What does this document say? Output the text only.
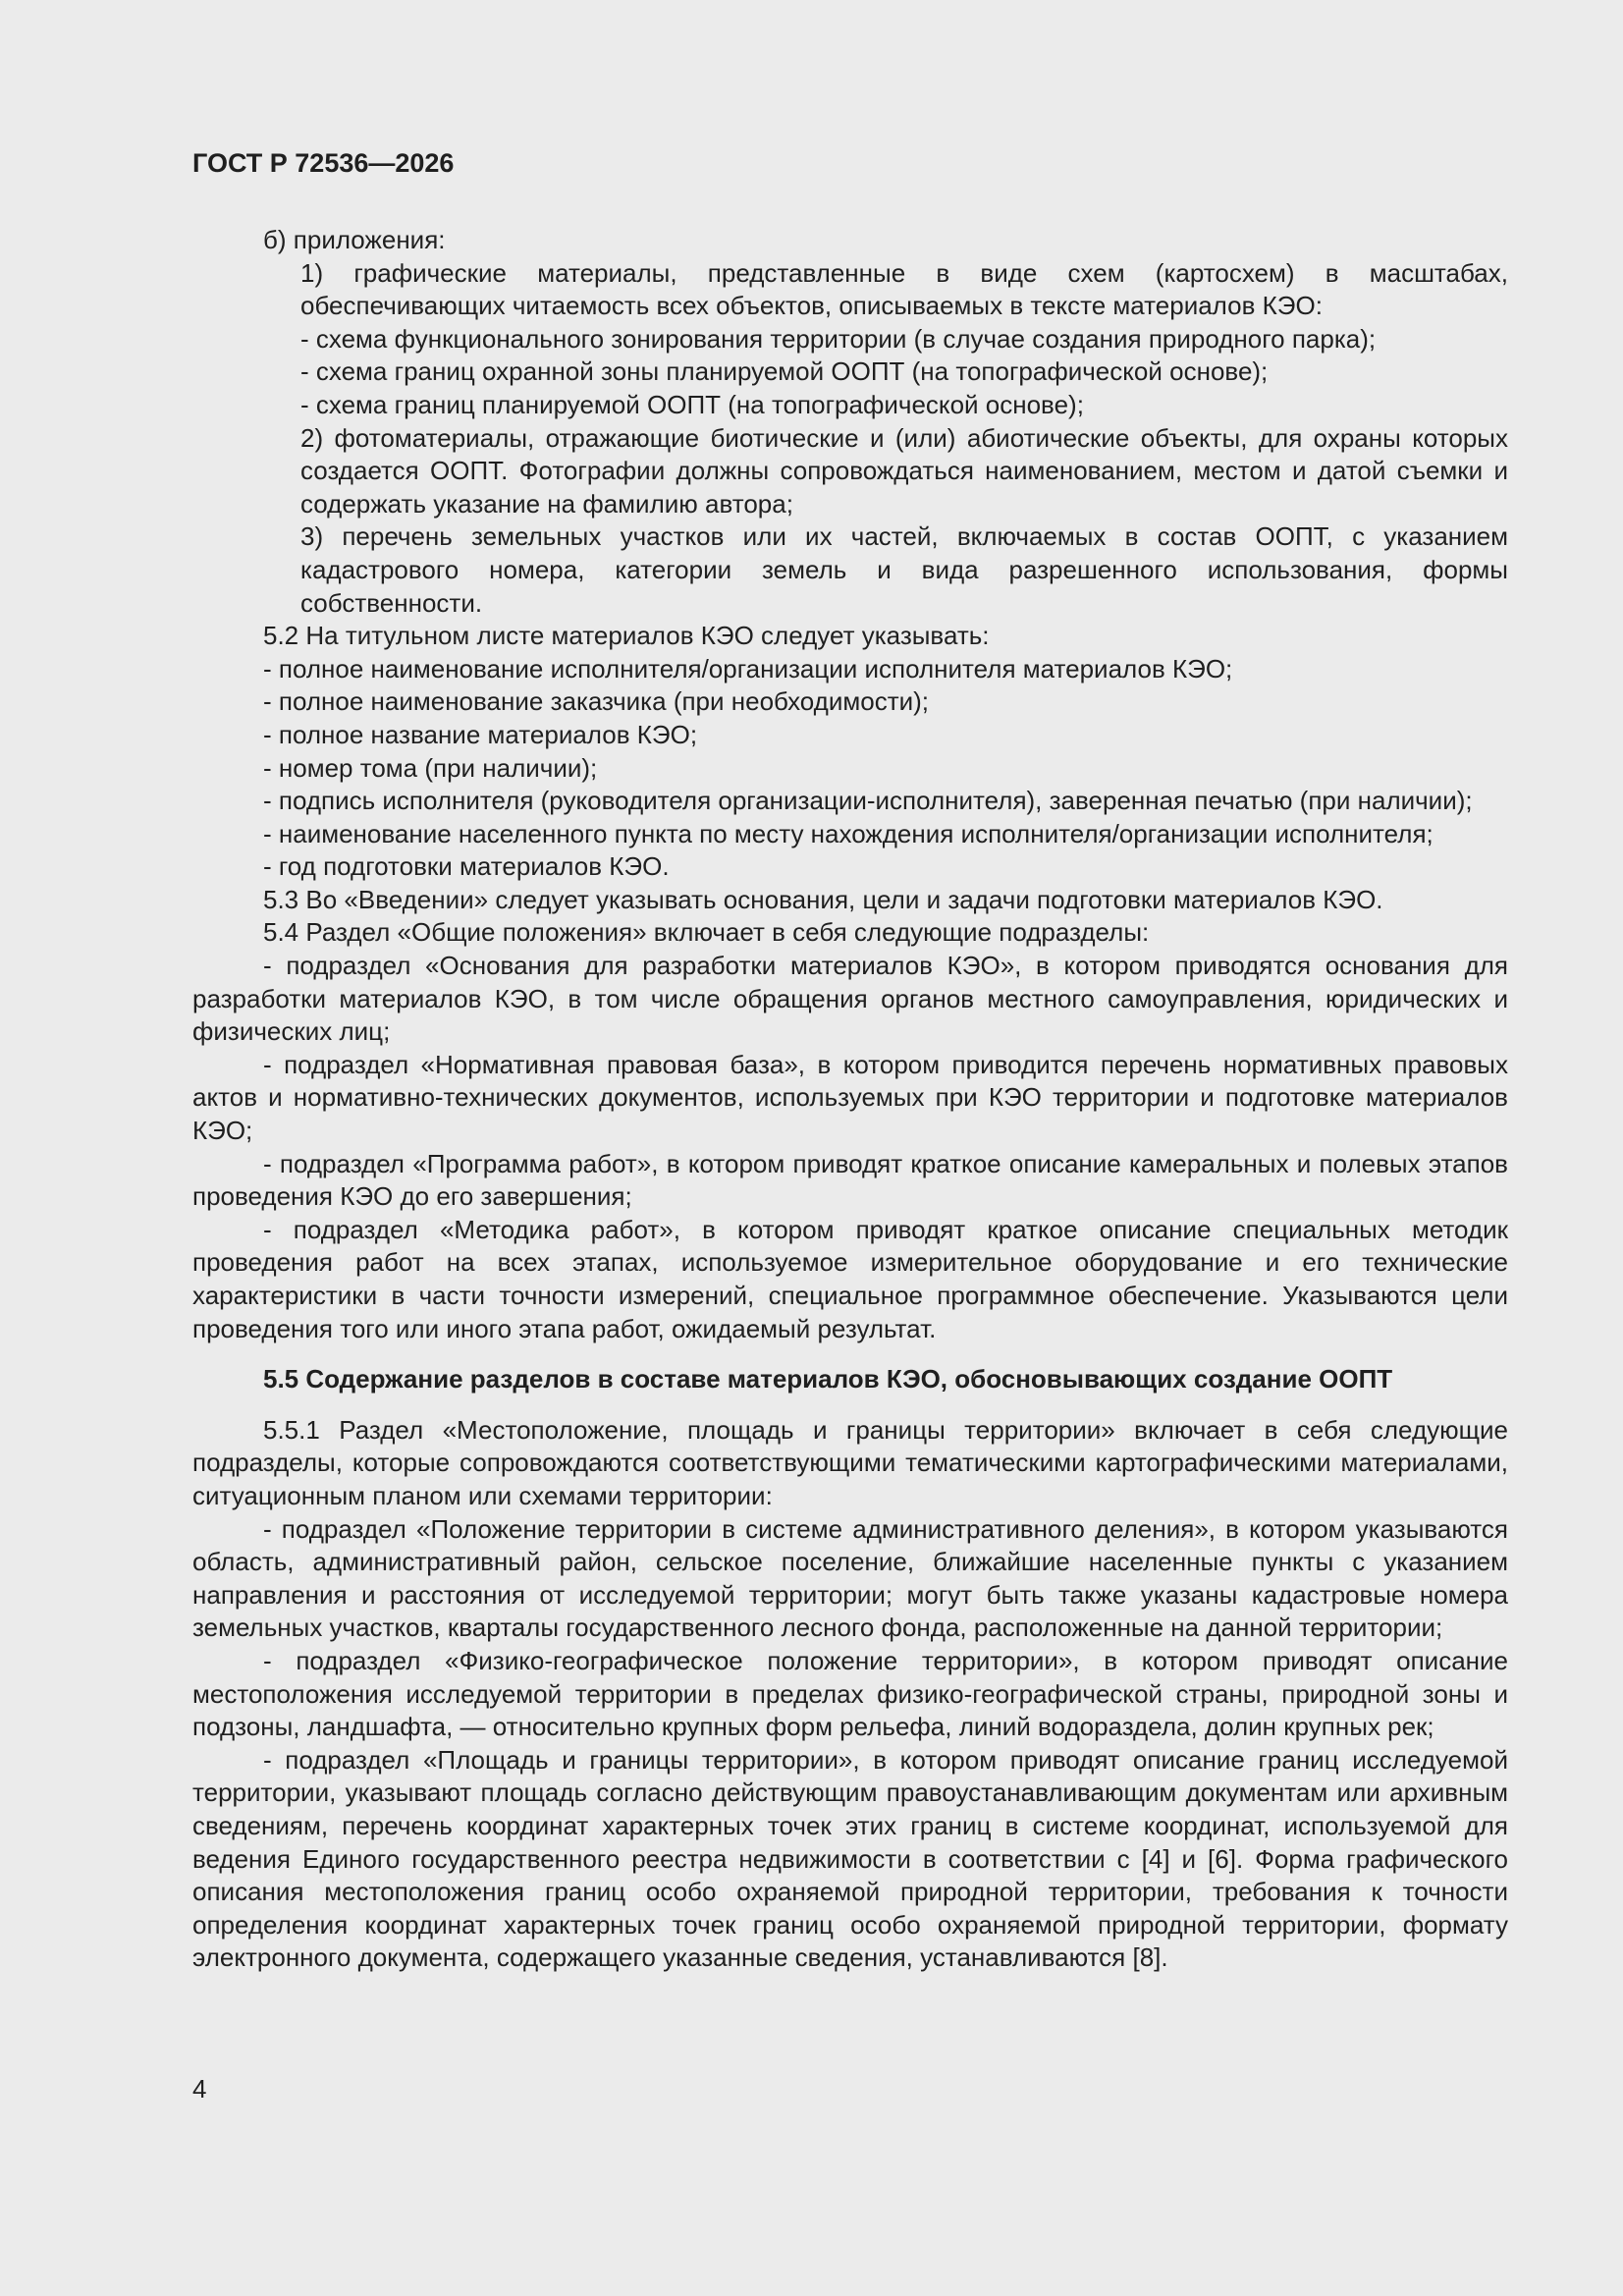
ГОСТ Р 72536—2026

б) приложения:

1) графические материалы, представленные в виде схем (картосхем) в масштабах, обеспечивающих читаемость всех объектов, описываемых в тексте материалов КЭО:

- схема функционального зонирования территории (в случае создания природного парка);

- схема границ охранной зоны планируемой ООПТ (на топографической основе);

- схема границ планируемой ООПТ (на топографической основе);

2) фотоматериалы, отражающие биотические и (или) абиотические объекты, для охраны которых создается ООПТ. Фотографии должны сопровождаться наименованием, местом и датой съемки и содержать указание на фамилию автора;

3) перечень земельных участков или их частей, включаемых в состав ООПТ, с указанием кадастрового номера, категории земель и вида разрешенного использования, формы собственности.

5.2 На титульном листе материалов КЭО следует указывать:

- полное наименование исполнителя/организации исполнителя материалов КЭО;

- полное наименование заказчика (при необходимости);

- полное название материалов КЭО;

- номер тома (при наличии);

- подпись исполнителя (руководителя организации-исполнителя), заверенная печатью (при наличии);

- наименование населенного пункта по месту нахождения исполнителя/организации исполнителя;

- год подготовки материалов КЭО.

5.3 Во «Введении» следует указывать основания, цели и задачи подготовки материалов КЭО.

5.4 Раздел «Общие положения» включает в себя следующие подразделы:

- подраздел «Основания для разработки материалов КЭО», в котором приводятся основания для разработки материалов КЭО, в том числе обращения органов местного самоуправления, юридических и физических лиц;

- подраздел «Нормативная правовая база», в котором приводится перечень нормативных правовых актов и нормативно-технических документов, используемых при КЭО территории и подготовке материалов КЭО;

- подраздел «Программа работ», в котором приводят краткое описание камеральных и полевых этапов проведения КЭО до его завершения;

- подраздел «Методика работ», в котором приводят краткое описание специальных методик проведения работ на всех этапах, используемое измерительное оборудование и его технические характеристики в части точности измерений, специальное программное обеспечение. Указываются цели проведения того или иного этапа работ, ожидаемый результат.

5.5 Содержание разделов в составе материалов КЭО, обосновывающих создание ООПТ

5.5.1 Раздел «Местоположение, площадь и границы территории» включает в себя следующие подразделы, которые сопровождаются соответствующими тематическими картографическими материалами, ситуационным планом или схемами территории:

- подраздел «Положение территории в системе административного деления», в котором указываются область, административный район, сельское поселение, ближайшие населенные пункты с указанием направления и расстояния от исследуемой территории; могут быть также указаны кадастровые номера земельных участков, кварталы государственного лесного фонда, расположенные на данной территории;

- подраздел «Физико-географическое положение территории», в котором приводят описание местоположения исследуемой территории в пределах физико-географической страны, природной зоны и подзоны, ландшафта, — относительно крупных форм рельефа, линий водораздела, долин крупных рек;

- подраздел «Площадь и границы территории», в котором приводят описание границ исследуемой территории, указывают площадь согласно действующим правоустанавливающим документам или архивным сведениям, перечень координат характерных точек этих границ в системе координат, используемой для ведения Единого государственного реестра недвижимости в соответствии с [4] и [6]. Форма графического описания местоположения границ особо охраняемой природной территории, требования к точности определения координат характерных точек границ особо охраняемой природной территории, формату электронного документа, содержащего указанные сведения, устанавливаются [8].

4
